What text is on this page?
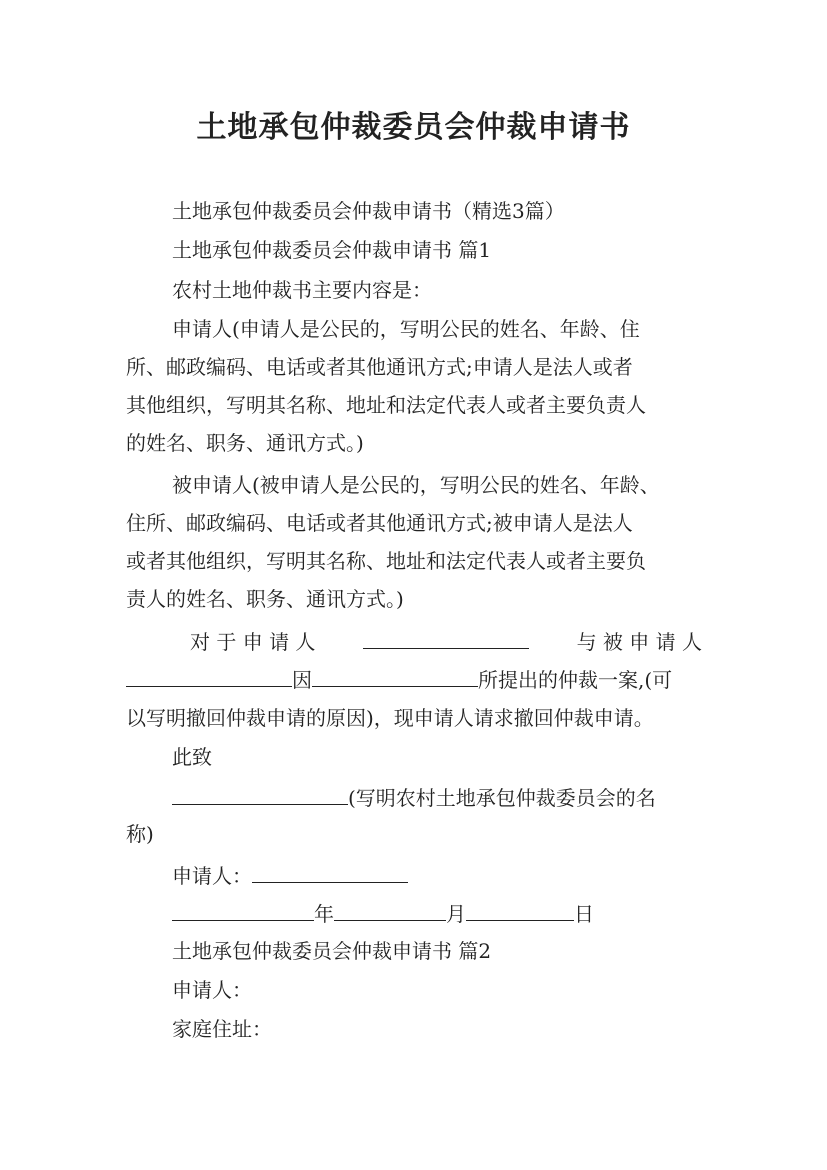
土地承包仲裁委员会仲裁申请书
土地承包仲裁委员会仲裁申请书（精选3篇）
土地承包仲裁委员会仲裁申请书 篇1
农村土地仲裁书主要内容是：
申请人(申请人是公民的，写明公民的姓名、年龄、住
所、邮政编码、电话或者其他通讯方式;申请人是法人或者
其他组织，写明其名称、地址和法定代表人或者主要负责人
的姓名、职务、通讯方式。)
被申请人(被申请人是公民的，写明公民的姓名、年龄、
住所、邮政编码、电话或者其他通讯方式;被申请人是法人
或者其他组织，写明其名称、地址和法定代表人或者主要负
责人的姓名、职务、通讯方式。)
对 于 申 请 人	与 被 申 请 人
因	所提出的仲裁一案,(可
以写明撤回仲裁申请的原因)，现申请人请求撤回仲裁申请。
此致
(写明农村土地承包仲裁委员会的名
称)
申请人：
年	月	日
土地承包仲裁委员会仲裁申请书 篇2
申请人：
家庭住址：
